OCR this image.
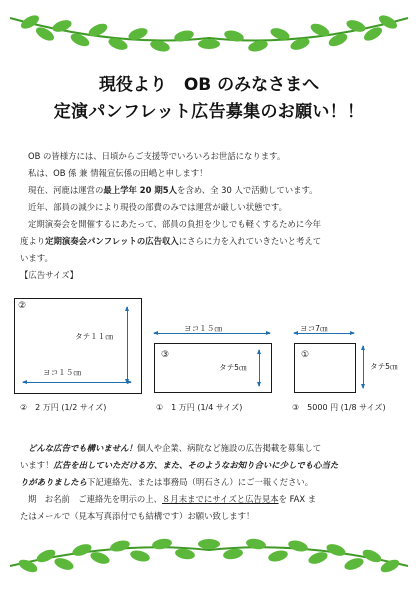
現役より　OB のみなさまへ
定演パンフレット広告募集のお願い！！

OB の皆様方には、日頃からご支援等でいろいろお世話になります。

私は、OB 係 兼 情報宣伝係の田嶋と申します！

現在、河鹿は運営の最上学年 20 期5人を含め、全 30 人で活動しています。

近年、部員の減少により現役の部費のみでは運営が厳しい状態です。

定期演奏会を開催するにあたって、部員の負担を少しでも軽くするために今年

度より定期演奏会パンフレットの広告収入にさらに力を入れていきたいと考えて

います。

【広告サイズ】

②
タテ１１㎝
ヨコ１５㎝
ヨコ１５㎝
③
タテ5㎝
ヨコ7㎝
①
タテ5㎝
②　2 万円 (1/2 サイズ)	①　1 万円 (1/4 サイズ)	③　5000 円 (1/8 サイズ)

どんな広告でも構いません！個人や企業、病院など施設の広告掲載を募集して

います！広告を出していただける方、また、そのようなお知り合いに少しでも心当た

りがありましたら下記連絡先、または事務局（明石さん）にご一報ください。

期　お名前　ご連絡先を明示の上、８月末までにサイズと広告見本を FAX ま

たはメールで（見本写真添付でも結構です）お願い致します！
